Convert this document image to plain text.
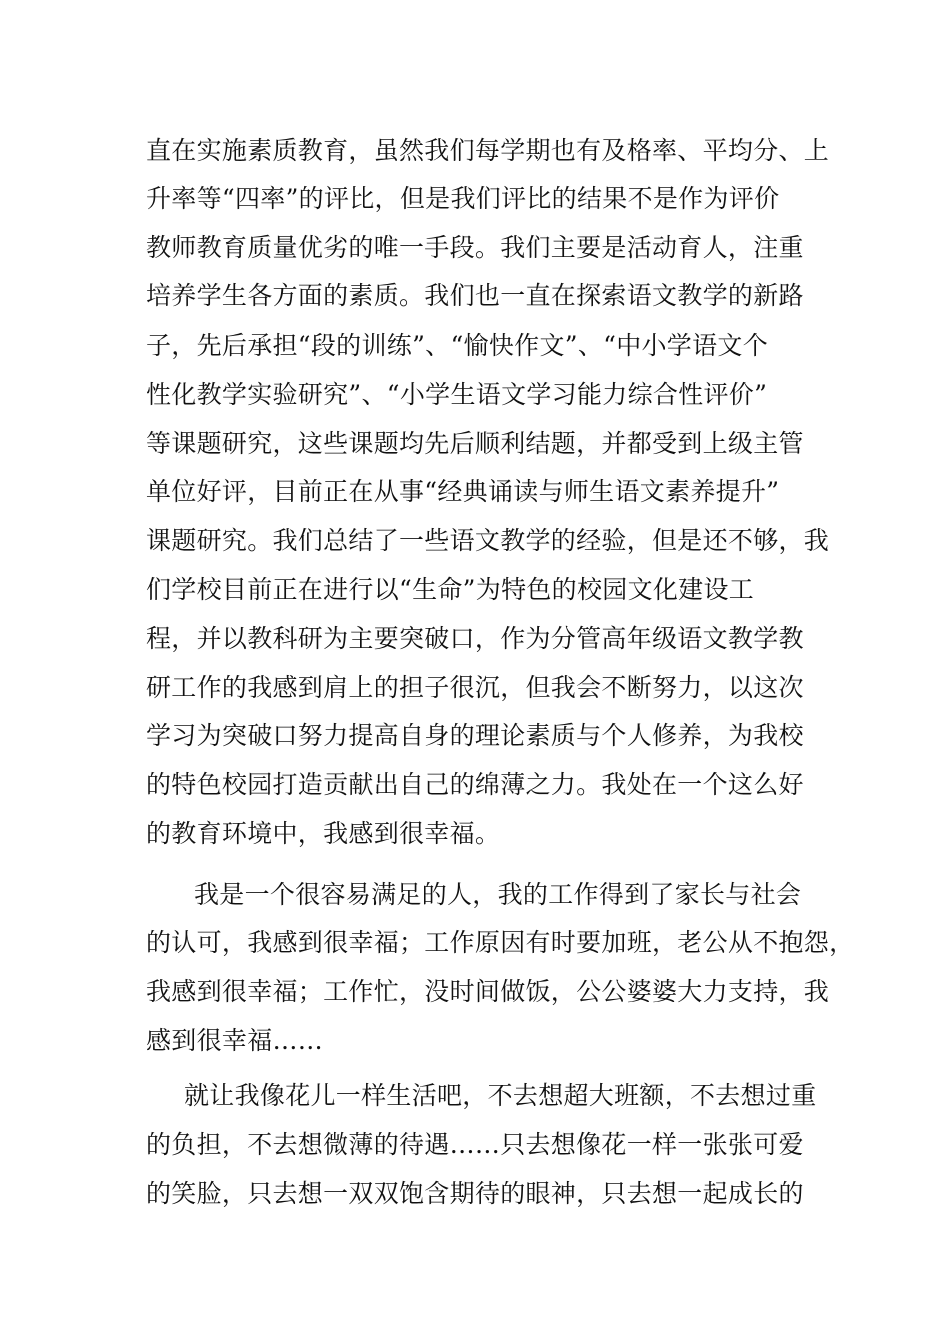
直在实施素质教育，虽然我们每学期也有及格率、平均分、上
升率等“四率”的评比，但是我们评比的结果不是作为评价
教师教育质量优劣的唯一手段。我们主要是活动育人，注重
培养学生各方面的素质。我们也一直在探索语文教学的新路
子，先后承担“段的训练”、“愉快作文”、“中小学语文个
性化教学实验研究”、“小学生语文学习能力综合性评价”
等课题研究，这些课题均先后顺利结题，并都受到上级主管
单位好评，目前正在从事“经典诵读与师生语文素养提升”
课题研究。我们总结了一些语文教学的经验，但是还不够，我
们学校目前正在进行以“生命”为特色的校园文化建设工
程，并以教科研为主要突破口，作为分管高年级语文教学教
研工作的我感到肩上的担子很沉，但我会不断努力，以这次
学习为突破口努力提高自身的理论素质与个人修养，为我校
的特色校园打造贡献出自己的绵薄之力。我处在一个这么好
的教育环境中，我感到很幸福。
我是一个很容易满足的人，我的工作得到了家长与社会
的认可，我感到很幸福；工作原因有时要加班，老公从不抱怨，
我感到很幸福；工作忙，没时间做饭，公公婆婆大力支持，我
感到很幸福……
就让我像花儿一样生活吧，不去想超大班额，不去想过重
的负担，不去想微薄的待遇……只去想像花一样一张张可爱
的笑脸，只去想一双双饱含期待的眼神，只去想一起成长的
